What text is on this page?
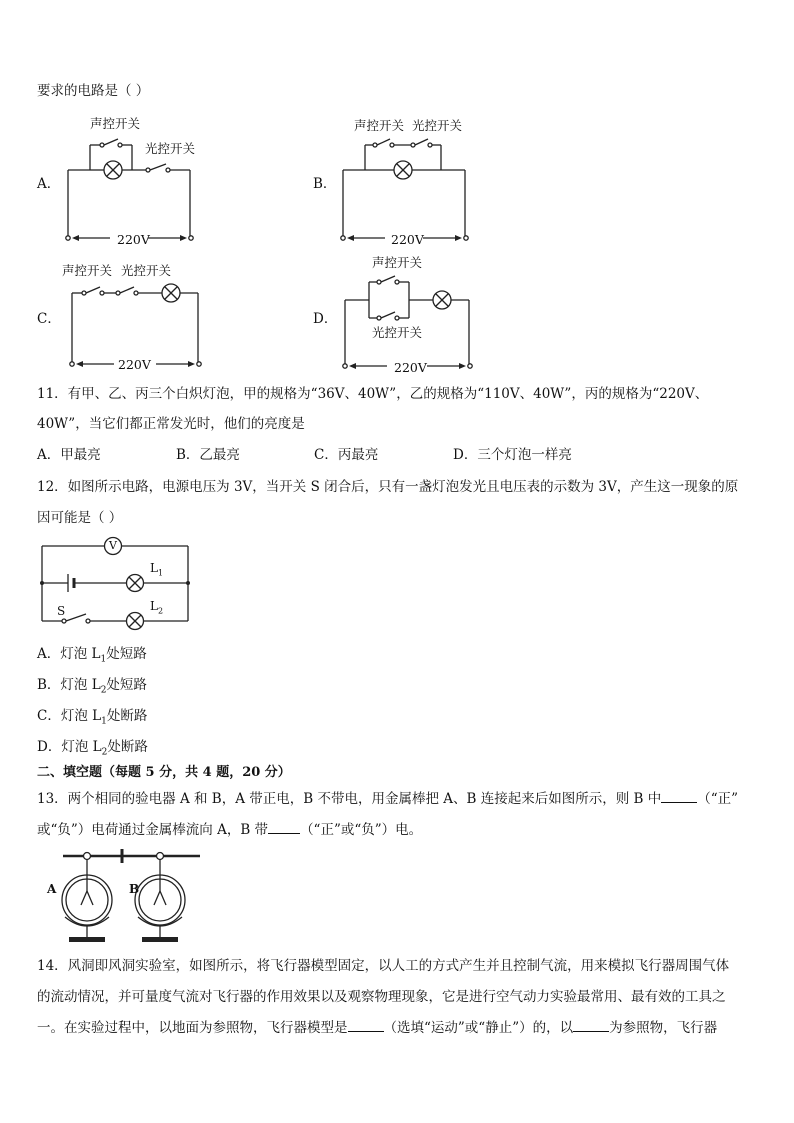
要求的电路是（ ）
A．
声控开关
光控开关
220V
B．
声控开关 光控开关
220V
C．
声控开关 光控开关
220V
D．
声控开关
光控开关
220V
11．有甲、乙、丙三个白炽灯泡，甲的规格为“36V、40W”，乙的规格为“110V、40W”，丙的规格为“220V、
40W”，当它们都正常发光时，他们的亮度是
A．甲最亮	B．乙最亮	C．丙最亮	D．三个灯泡一样亮
12．如图所示电路，电源电压为 3V，当开关 S 闭合后，只有一盏灯泡发光且电压表的示数为 3V，产生这一现象的原
因可能是（ ）
V
$L_1$
$L_2$
S
A．灯泡 $L_1$处短路
B．灯泡 $L_2$处短路
C．灯泡 $L_1$处断路
D．灯泡 $L_2$处断路
二、填空题（每题 5 分，共 4 题，20 分）
13．两个相同的验电器 A 和 B，A 带正电，B 不带电，用金属棒把 A、B 连接起来后如图所示，则 B 中	（“正”
或“负”）电荷通过金属棒流向 A，B 带 （“正”或“负”）电。
A	B
14．风洞即风洞实验室，如图所示，将飞行器模型固定，以人工的方式产生并且控制气流，用来模拟飞行器周围气体
的流动情况，并可量度气流对飞行器的作用效果以及观察物理现象，它是进行空气动力实验最常用、最有效的工具之
一。在实验过程中，以地面为参照物，飞行器模型是	（选填“运动”或“静止”）的，以	为参照物，飞行器
